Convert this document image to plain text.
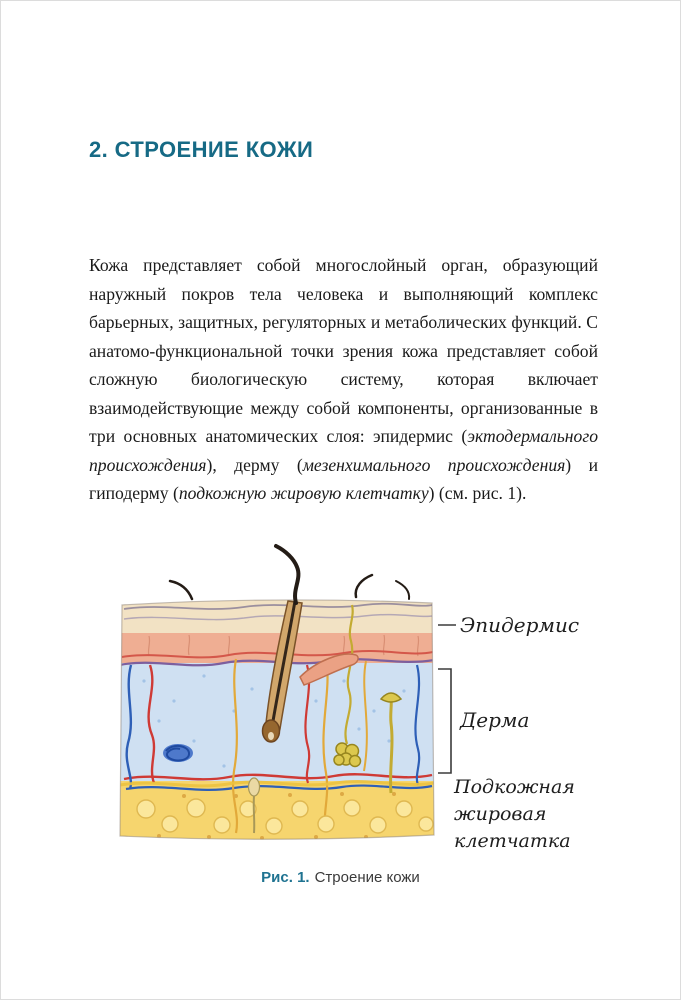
2. СТРОЕНИЕ КОЖИ

Кожа представляет собой многослойный орган, образующий наружный покров тела человека и выполняющий комплекс барьерных, защитных, регуляторных и метаболических функций. С анатомо-функциональной точки зрения кожа представляет собой сложную биологическую систему, которая включает взаимодействующие между собой компоненты, организованные в три основных анатомических слоя: эпидермис (эктодермального происхождения), дерму (мезенхимального происхождения) и гиподерму (подкожную жировую клетчатку) (см. рис. 1).

Эпидермис
Дерма
Подкожная
жировая
клетчатка

Рис. 1. Строение кожи
